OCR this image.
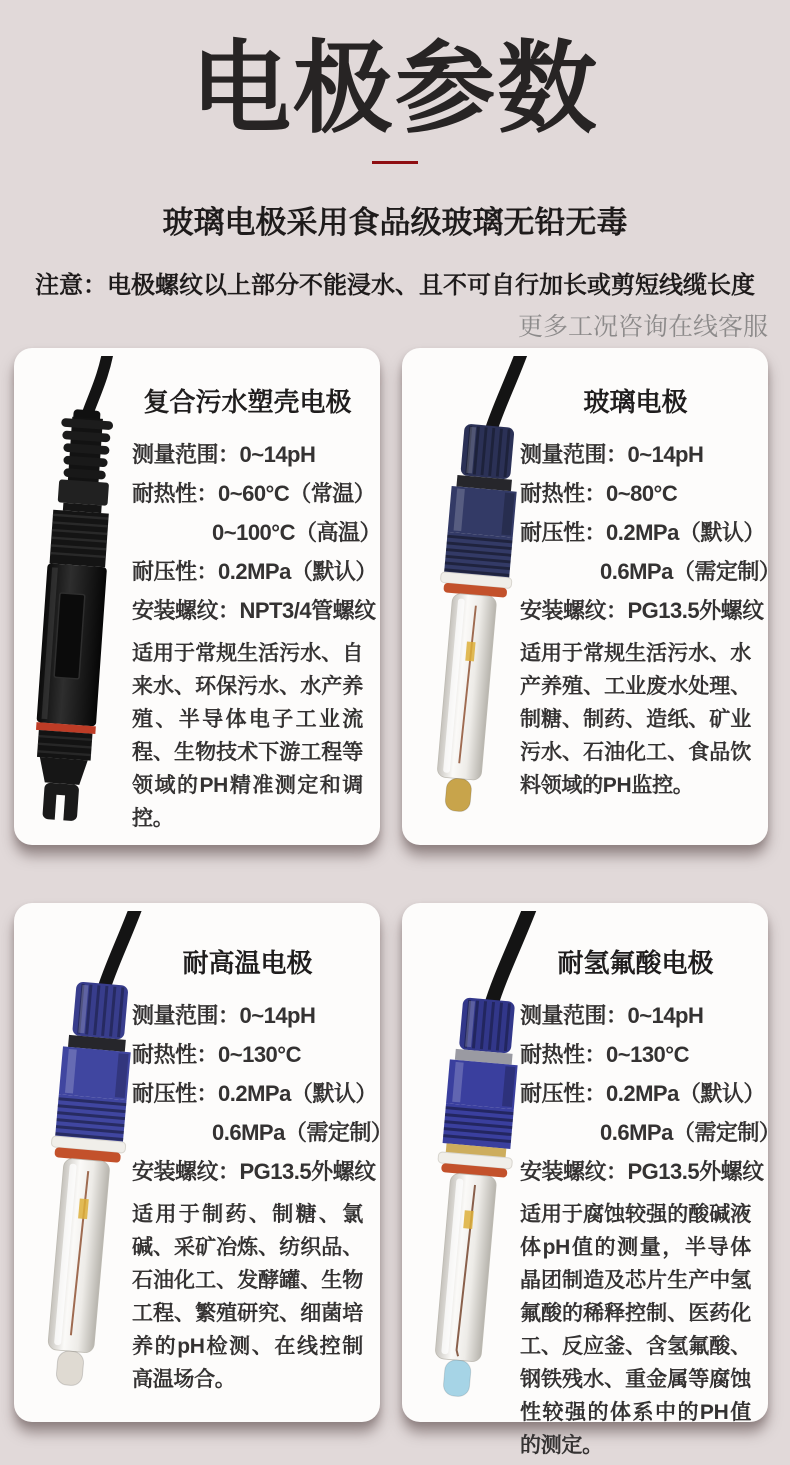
电极参数

玻璃电极采用食品级玻璃无铅无毒

注意：电极螺纹以上部分不能浸水、且不可自行加长或剪短线缆长度

更多工况咨询在线客服

复合污水塑壳电极
测量范围：0~14pH
耐热性：0~60°C（常温）
0~100°C（高温）
耐压性：0.2MPa（默认）
安装螺纹：NPT3/4管螺纹

适用于常规生活污水、自来水、环保污水、水产养殖、半导体电子工业流程、生物技术下游工程等领域的PH精准测定和调控。

玻璃电极
测量范围：0~14pH
耐热性：0~80°C
耐压性：0.2MPa（默认）
0.6MPa（需定制）
安装螺纹：PG13.5外螺纹

适用于常规生活污水、水产养殖、工业废水处理、制糖、制药、造纸、矿业污水、石油化工、食品饮料领域的PH监控。

耐高温电极
测量范围：0~14pH
耐热性：0~130°C
耐压性：0.2MPa（默认）
0.6MPa（需定制）
安装螺纹：PG13.5外螺纹

适用于制药、制糖、氯碱、采矿冶炼、纺织品、石油化工、发酵罐、生物工程、繁殖研究、细菌培养的pH检测、在线控制高温场合。

耐氢氟酸电极
测量范围：0~14pH
耐热性：0~130°C
耐压性：0.2MPa（默认）
0.6MPa（需定制）
安装螺纹：PG13.5外螺纹

适用于腐蚀较强的酸碱液体pH值的测量，半导体晶团制造及芯片生产中氢氟酸的稀释控制、医药化工、反应釜、含氢氟酸、钢铁残水、重金属等腐蚀性较强的体系中的PH值的测定。
